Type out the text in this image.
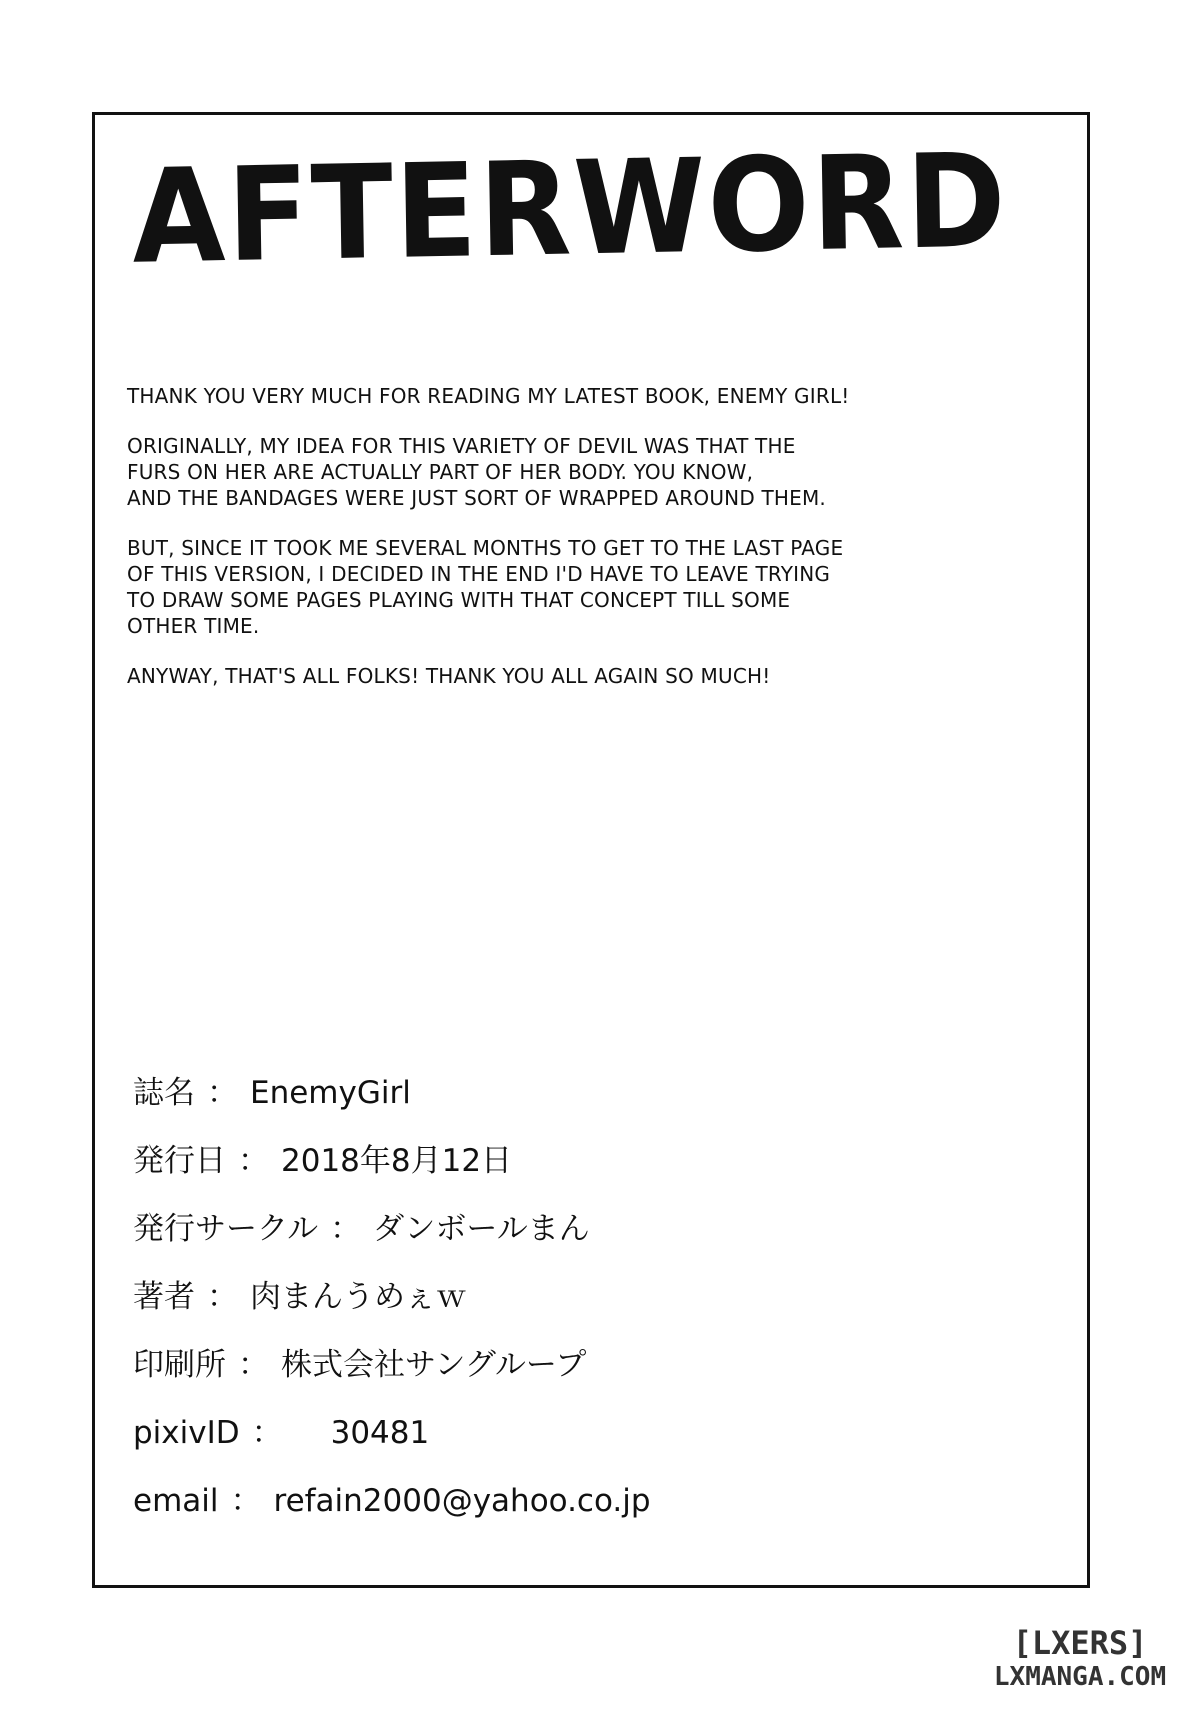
AFTERWORD

THANK YOU VERY MUCH FOR READING MY LATEST BOOK, ENEMY GIRL!

ORIGINALLY, MY IDEA FOR THIS VARIETY OF DEVIL WAS THAT THE
FURS ON HER ARE ACTUALLY PART OF HER BODY. YOU KNOW,
AND THE BANDAGES WERE JUST SORT OF WRAPPED AROUND THEM.

BUT, SINCE IT TOOK ME SEVERAL MONTHS TO GET TO THE LAST PAGE
OF THIS VERSION, I DECIDED IN THE END I'D HAVE TO LEAVE TRYING
TO DRAW SOME PAGES PLAYING WITH THAT CONCEPT TILL SOME
OTHER TIME.

ANYWAY, THAT'S ALL FOLKS! THANK YOU ALL AGAIN SO MUCH!

誌名 ： EnemyGirl
発行日 ： 2018年8月12日
発行サークル ： ダンボールまん
著者 ： 肉まんうめぇｗ
印刷所 ： 株式会社サングループ
pixivID ： 30481
email ： refain2000@yahoo.co.jp
[LXERS]
LXMANGA.COM
